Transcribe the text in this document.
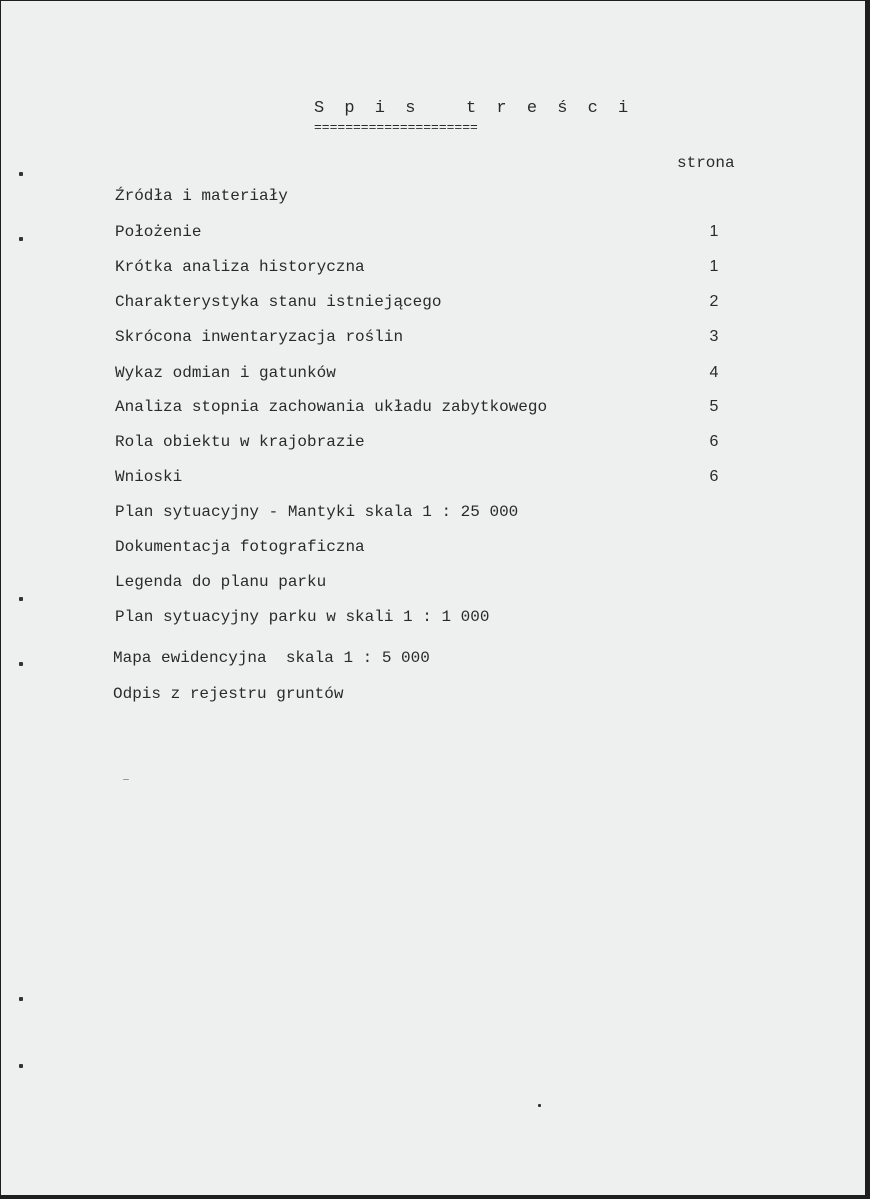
S p i s   t r e ś c i
=====================
strona
Źródła i materiały
Położenie	1
Krótka analiza historyczna	1
Charakterystyka stanu istniejącego	2
Skrócona inwentaryzacja roślin	3
Wykaz odmian i gatunków	4
Analiza stopnia zachowania układu zabytkowego	5
Rola obiektu w krajobrazie	6
Wnioski	6
Plan sytuacyjny - Mantyki skala 1 : 25 000
Dokumentacja fotograficzna
Legenda do planu parku
Plan sytuacyjny parku w skali 1 : 1 000
Mapa ewidencyjna  skala 1 : 5 000
Odpis z rejestru gruntów
